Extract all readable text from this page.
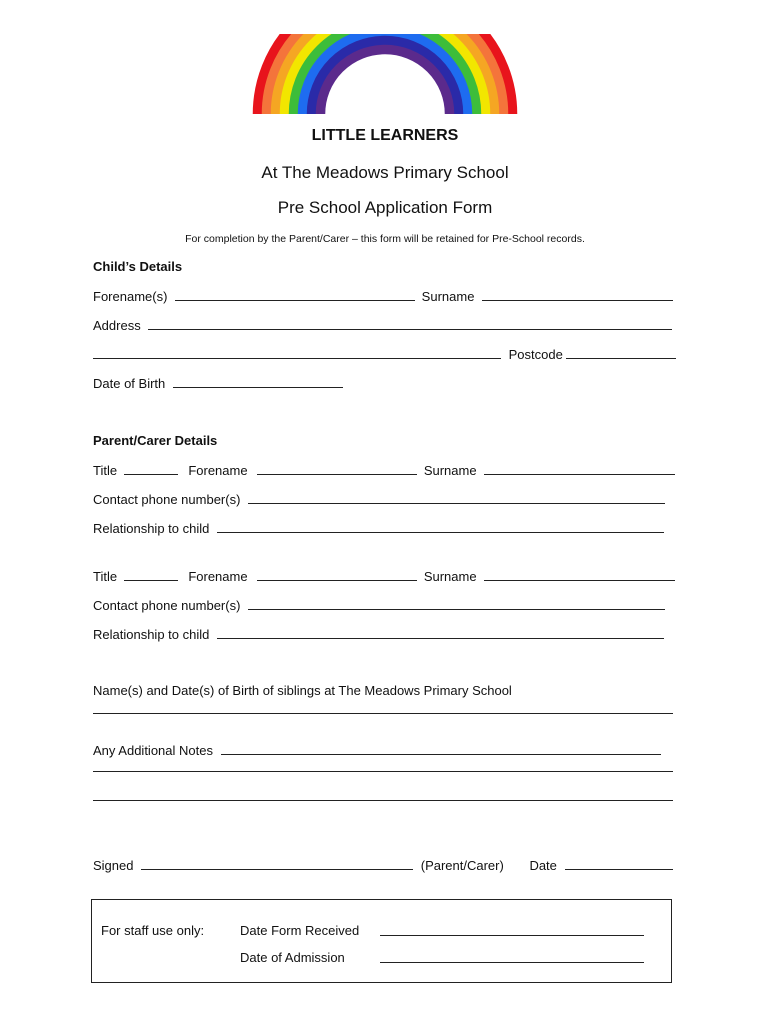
LITTLE LEARNERS
At The Meadows Primary School
Pre School Application Form
For completion by the Parent/Carer – this form will be retained for Pre-School records.
Child’s Details
Forename(s)	Surname
Address
Postcode
Date of Birth
Parent/Carer Details
Title	Forename	Surname
Contact phone number(s)
Relationship to child
Title	Forename	Surname
Contact phone number(s)
Relationship to child
Name(s) and Date(s) of Birth of siblings at The Meadows Primary School
Any Additional Notes
Signed	(Parent/Carer) Date
For staff use only:	Date Form Received
Date of Admission
